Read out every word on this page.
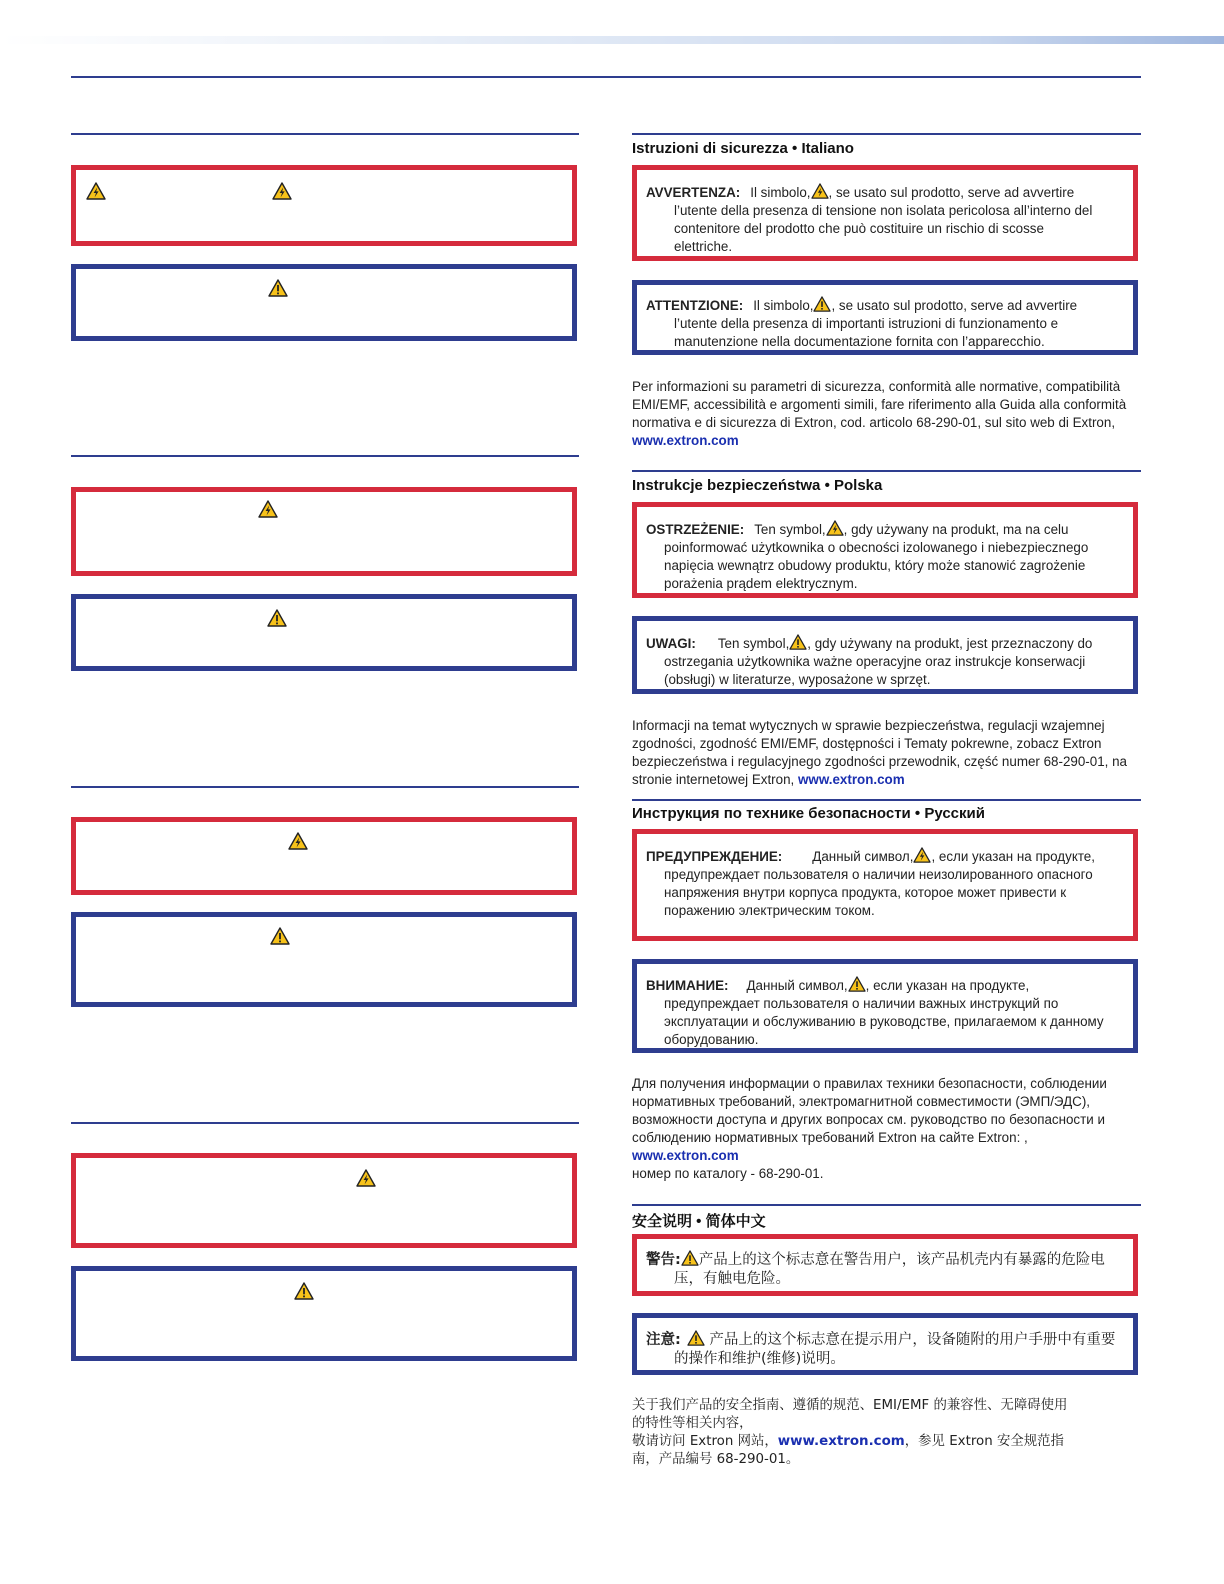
Istruzioni di sicurezza • Italiano

AVVERTENZA: Il simbolo, , se usato sul prodotto, serve ad avvertire l’utente della presenza di tensione non isolata pericolosa all’interno del contenitore del prodotto che può costituire un rischio di scosse elettriche.

ATTENTZIONE: Il simbolo, , se usato sul prodotto, serve ad avvertire l’utente della presenza di importanti istruzioni di funzionamento e manutenzione nella documentazione fornita con l’apparecchio.

Per informazioni su parametri di sicurezza, conformità alle normative, compatibilità EMI/EMF, accessibilità e argomenti simili, fare riferimento alla Guida alla conformità normativa e di sicurezza di Extron, cod. articolo 68-290-01, sul sito web di Extron, www.extron.com

Instrukcje bezpieczeństwa • Polska

OSTRZEŻENIE: Ten symbol, , gdy używany na produkt, ma na celu poinformować użytkownika o obecności izolowanego i niebezpiecznego napięcia wewnątrz obudowy produktu, który może stanowić zagrożenie porażenia prądem elektrycznym.

UWAGI: Ten symbol, , gdy używany na produkt, jest przeznaczony do ostrzegania użytkownika ważne operacyjne oraz instrukcje konserwacji (obsługi) w literaturze, wyposażone w sprzęt.

Informacji na temat wytycznych w sprawie bezpieczeństwa, regulacji wzajemnej zgodności, zgodność EMI/EMF, dostępności i Tematy pokrewne, zobacz Extron bezpieczeństwa i regulacyjnego zgodności przewodnik, część numer 68-290-01, na stronie internetowej Extron, www.extron.com

Инструкция по технике безопасности • Русский

ПРЕДУПРЕЖДЕНИЕ: Данный символ, , если указан на продукте, предупреждает пользователя о наличии неизолированного опасного напряжения внутри корпуса продукта, которое может привести к поражению электрическим током.

ВНИМАНИЕ: Данный символ, , если указан на продукте, предупреждает пользователя о наличии важных инструкций по эксплуатации и обслуживанию в руководстве, прилагаемом к данному оборудованию.

Для получения информации о правилах техники безопасности, соблюдении нормативных требований, электромагнитной совместимости (ЭМП/ЭДС), возможности доступа и других вопросах см. руководство по безопасности и соблюдению нормативных требований Extron на сайте Extron: , www.extron.com
номер по каталогу - 68-290-01.

安全说明 • 简体中文

警告: 产品上的这个标志意在警告用户，该产品机壳内有暴露的危险电压，有触电危险。

注意: 产品上的这个标志意在提示用户，设备随附的用户手册中有重要的操作和维护(维修)说明。

关于我们产品的安全指南、遵循的规范、EMI/EMF 的兼容性、无障碍使用的特性等相关内容，
敬请访问 Extron 网站，www.extron.com，参见 Extron 安全规范指南，产品编号 68-290-01。
